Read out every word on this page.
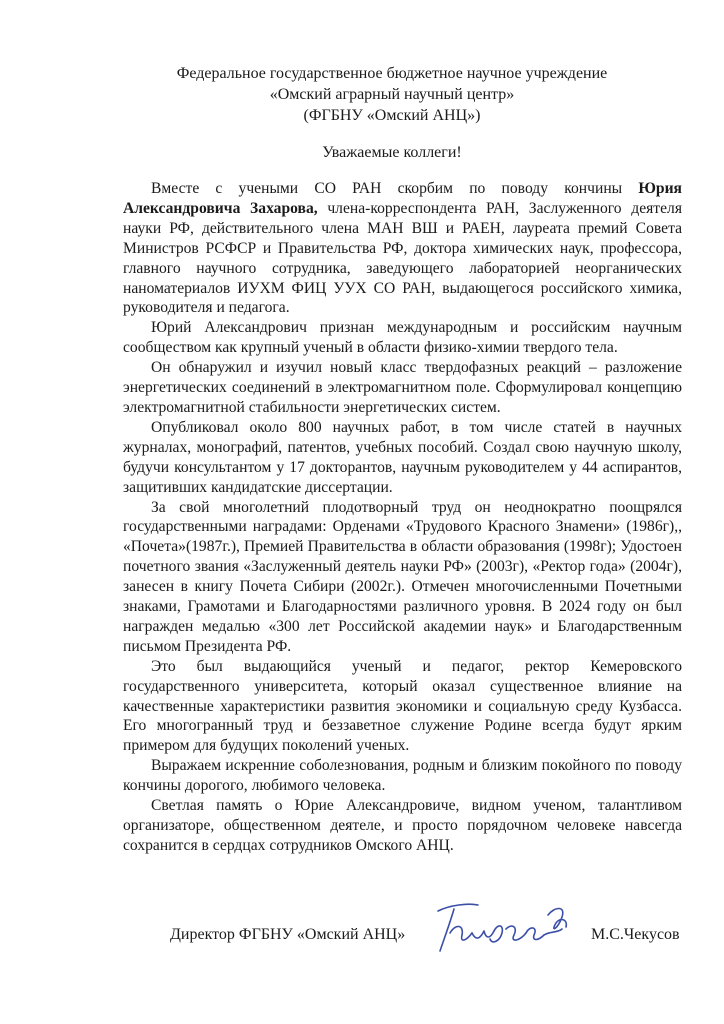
Федеральное государственное бюджетное научное учреждение
«Омский аграрный научный центр»
(ФГБНУ «Омский АНЦ»)
Уважаемые коллеги!

Вместе с учеными СО РАН скорбим по поводу кончины Юрия Александровича Захарова, члена-корреспондента РАН, Заслуженного деятеля науки РФ, действительного члена МАН ВШ и РАЕН, лауреата премий Совета Министров РСФСР и Правительства РФ, доктора химических наук, профессора, главного научного сотрудника, заведующего лабораторией неорганических наноматериалов ИУХМ ФИЦ УУХ СО РАН, выдающегося российского химика, руководителя и педагога.

Юрий Александрович признан международным и российским научным сообществом как крупный ученый в области физико-химии твердого тела.

Он обнаружил и изучил новый класс твердофазных реакций – разложение энергетических соединений в электромагнитном поле. Сформулировал концепцию электромагнитной стабильности энергетических систем.

Опубликовал около 800 научных работ, в том числе статей в научных журналах, монографий, патентов, учебных пособий. Создал свою научную школу, будучи консультантом у 17 докторантов, научным руководителем у 44 аспирантов, защитивших кандидатские диссертации.

За свой многолетний плодотворный труд он неоднократно поощрялся государственными наградами: Орденами «Трудового Красного Знамени» (1986г),, «Почета»(1987г.), Премией Правительства в области образования (1998г); Удостоен почетного звания «Заслуженный деятель науки РФ» (2003г), «Ректор года» (2004г), занесен в книгу Почета Сибири (2002г.). Отмечен многочисленными Почетными знаками, Грамотами и Благодарностями различного уровня. В 2024 году он был награжден медалью «300 лет Российской академии наук» и Благодарственным письмом Президента РФ.

Это был выдающийся ученый и педагог, ректор Кемеровского государственного университета, который оказал существенное влияние на качественные характеристики развития экономики и социальную среду Кузбасса. Его многогранный труд и беззаветное служение Родине всегда будут ярким примером для будущих поколений ученых.

Выражаем искренние соболезнования, родным и близким покойного по поводу кончины дорогого, любимого человека.

Светлая память о Юрие Александровиче, видном ученом, талантливом организаторе, общественном деятеле, и просто порядочном человеке навсегда сохранится в сердцах сотрудников Омского АНЦ.

Директор ФГБНУ «Омский АНЦ»	М.С.Чекусов
